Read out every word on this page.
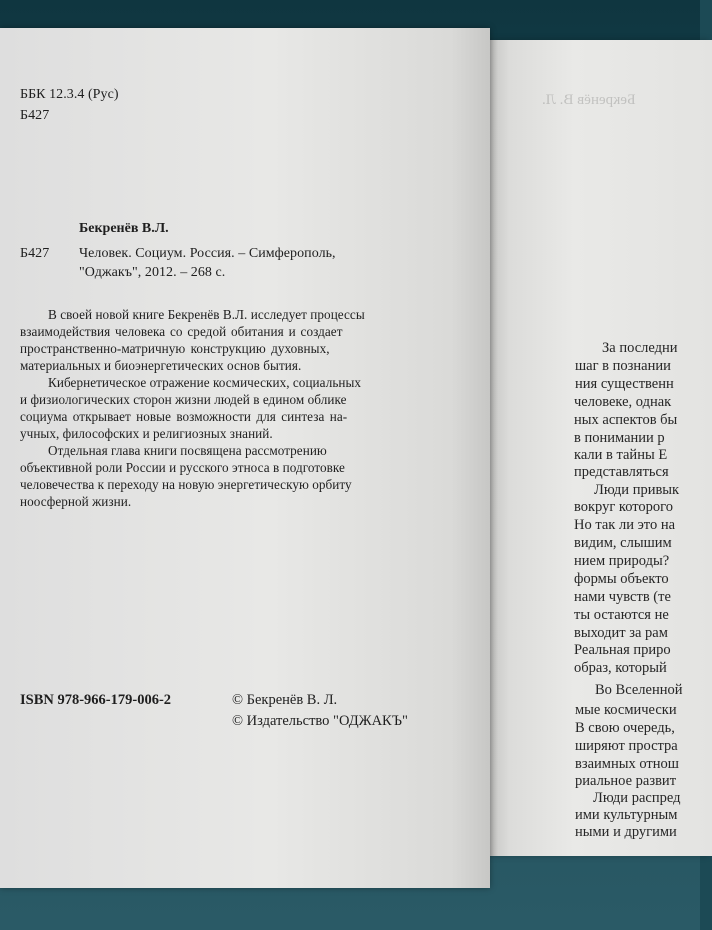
Бекренёв В. Л.
За последни
шаг в познании
ния существенн
человеке, однак
ных аспектов бы
в понимании р
кали в тайны Е
представляться
Люди привык
вокруг которого
Но так ли это на
видим, слышим
нием природы?
формы объекто
нами чувств (те
ты остаются не
выходит за рам
Реальная приро
образ, который
Во Вселенной
мые космически
В свою очередь,
ширяют простра
взаимных отнош
риальное развит
Люди распред
ими культурным
ными и другими
ББК 12.3.4 (Рус)
Б427
Бекренёв В.Л.
Б427 Человек. Социум. Россия. – Симферополь,
"Оджакъ", 2012. – 268 с.
В своей новой книге Бекренёв В.Л. исследует процессы
взаимодействия человека со средой обитания и создает
пространственно-матричную конструкцию духовных,
материальных и биоэнергетических основ бытия.
Кибернетическое отражение космических, социальных
и физиологических сторон жизни людей в едином облике
социума открывает новые возможности для синтеза на-
учных, философских и религиозных знаний.
Отдельная глава книги посвящена рассмотрению
объективной роли России и русского этноса в подготовке
человечества к переходу на новую энергетическую орбиту
ноосферной жизни.
ISBN 978-966-179-006-2	© Бекренёв В. Л.
© Издательство "ОДЖАКЪ"
